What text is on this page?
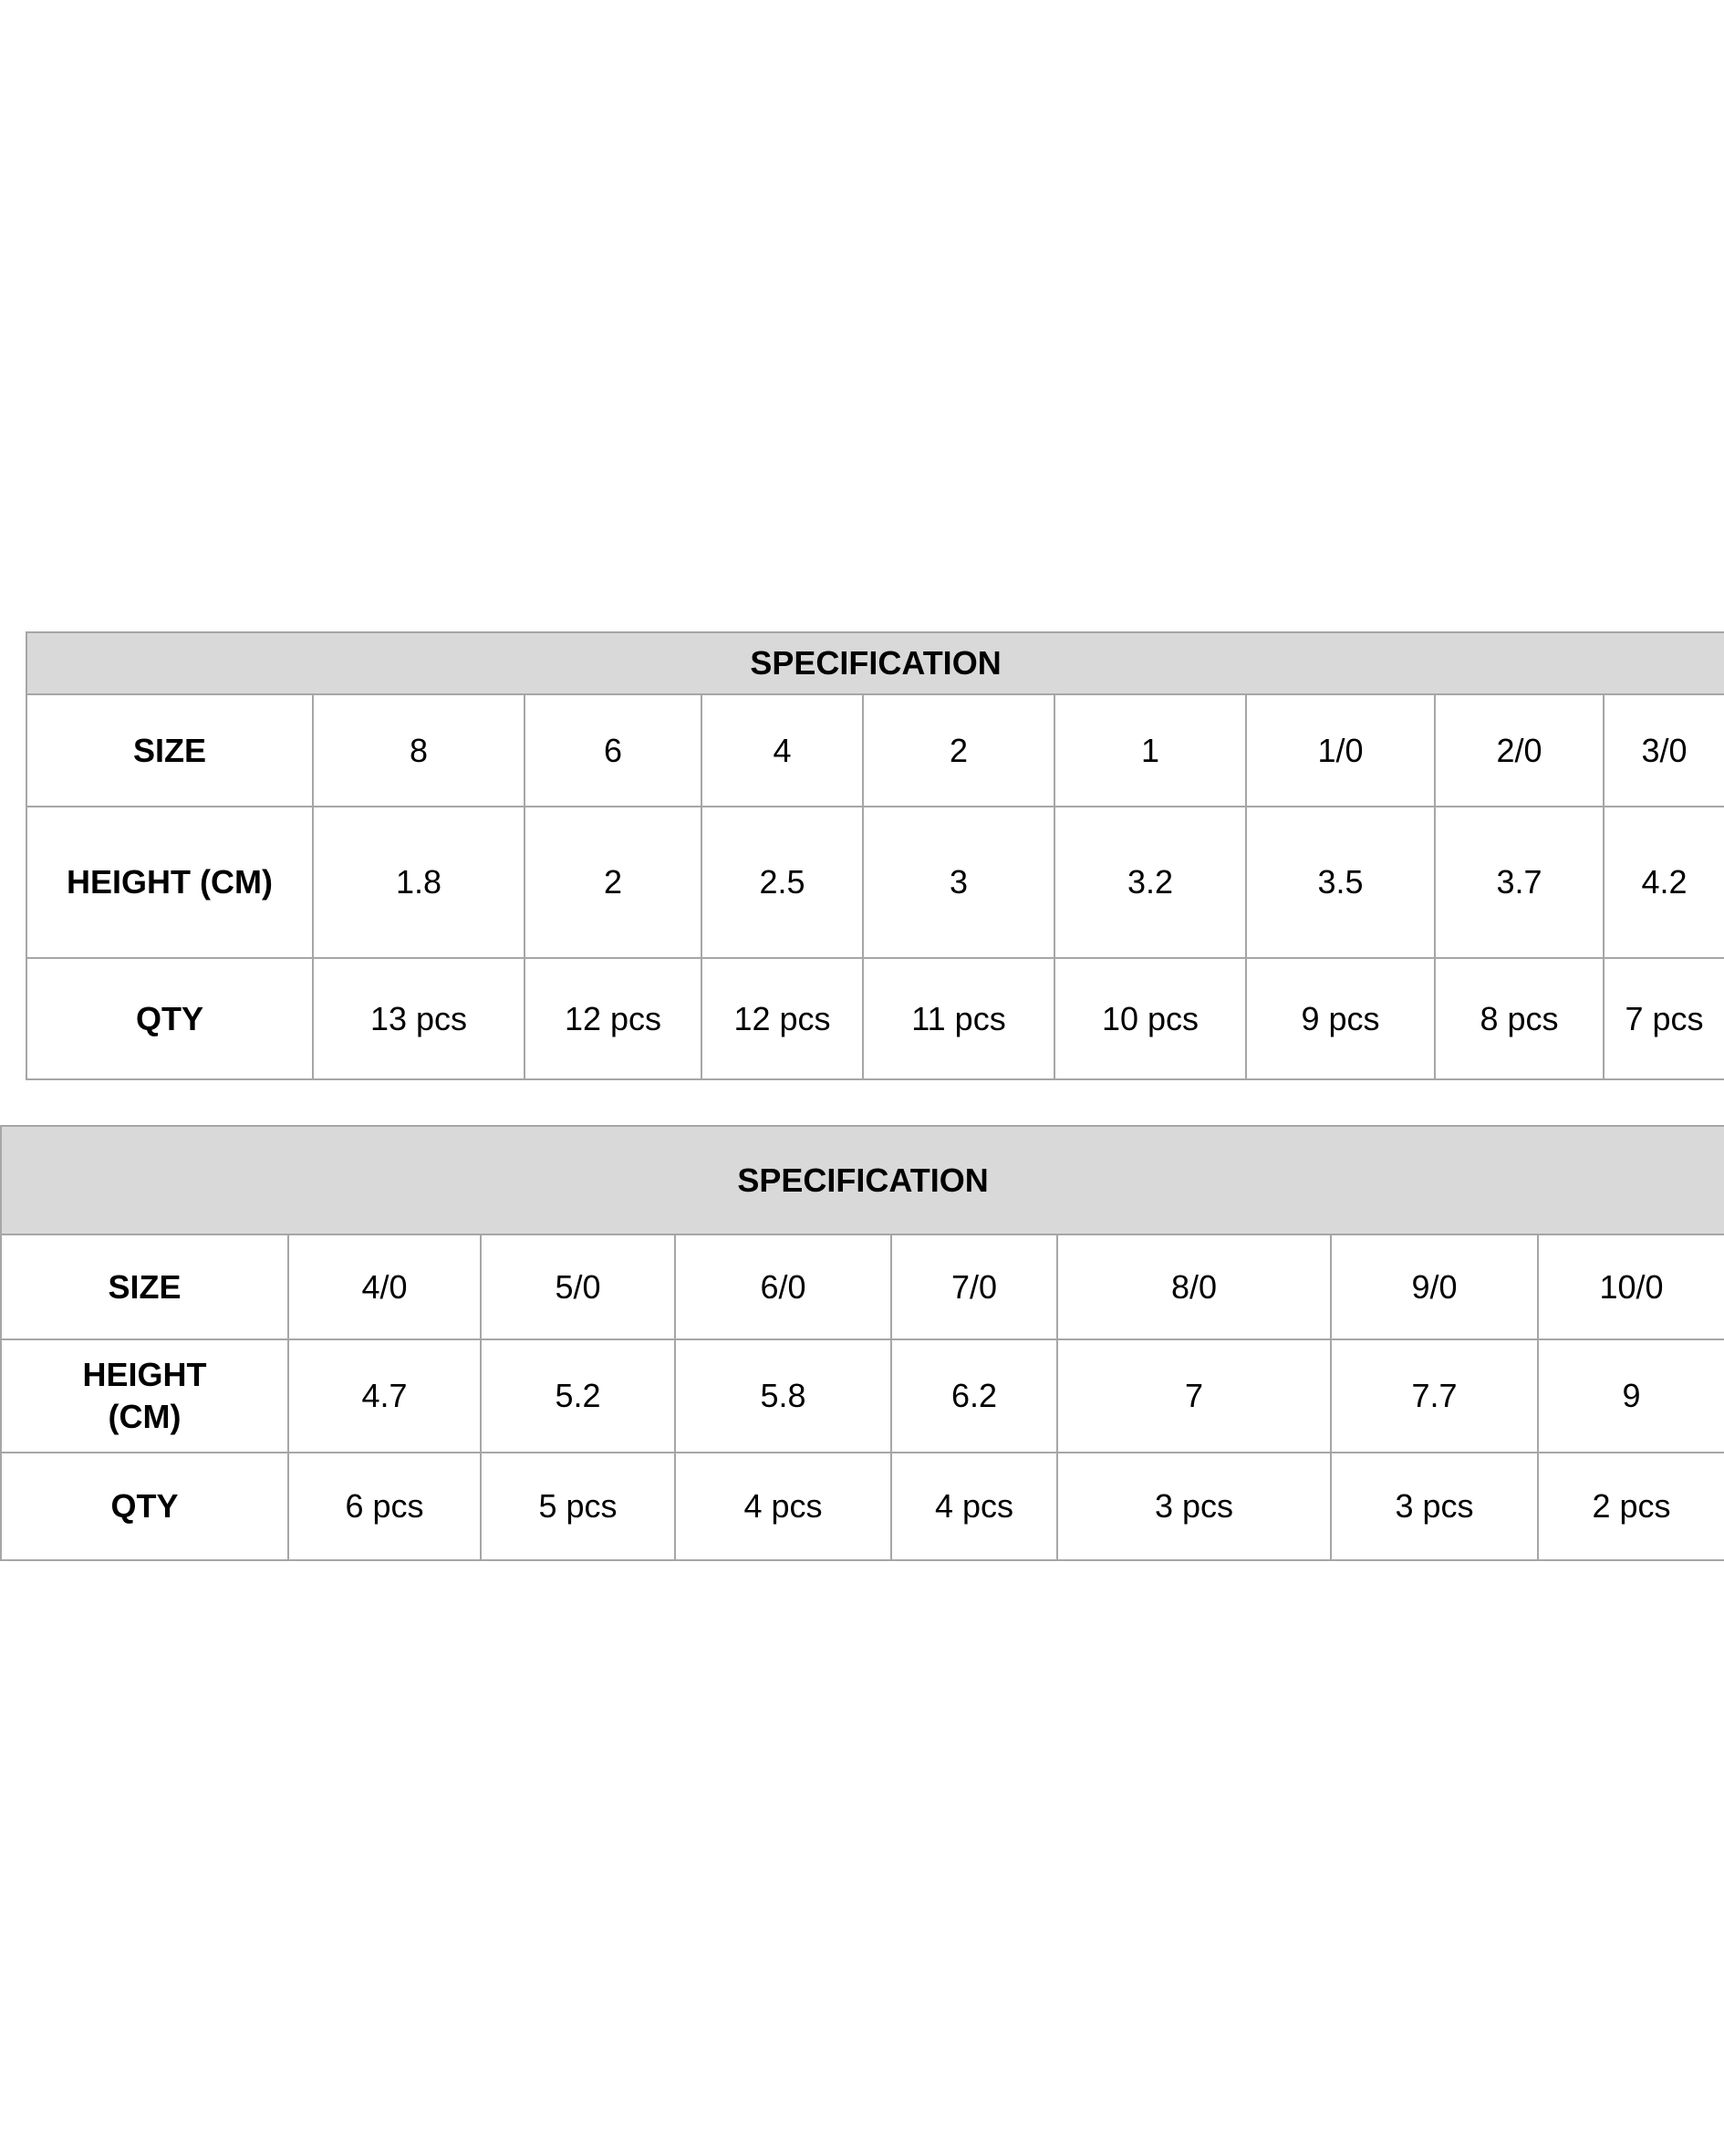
SPECIFICATION								
SIZE	8	6	4	2	1	1/0	2/0	3/0
HEIGHT (CM)	1.8	2	2.5	3	3.2	3.5	3.7	4.2
QTY	13 pcs	12 pcs	12 pcs	11 pcs	10 pcs	9 pcs	8 pcs	7 pcs
SPECIFICATION							
SIZE	4/0	5/0	6/0	7/0	8/0	9/0	10/0
HEIGHT (CM)	4.7	5.2	5.8	6.2	7	7.7	9
QTY	6 pcs	5 pcs	4 pcs	4 pcs	3 pcs	3 pcs	2 pcs
